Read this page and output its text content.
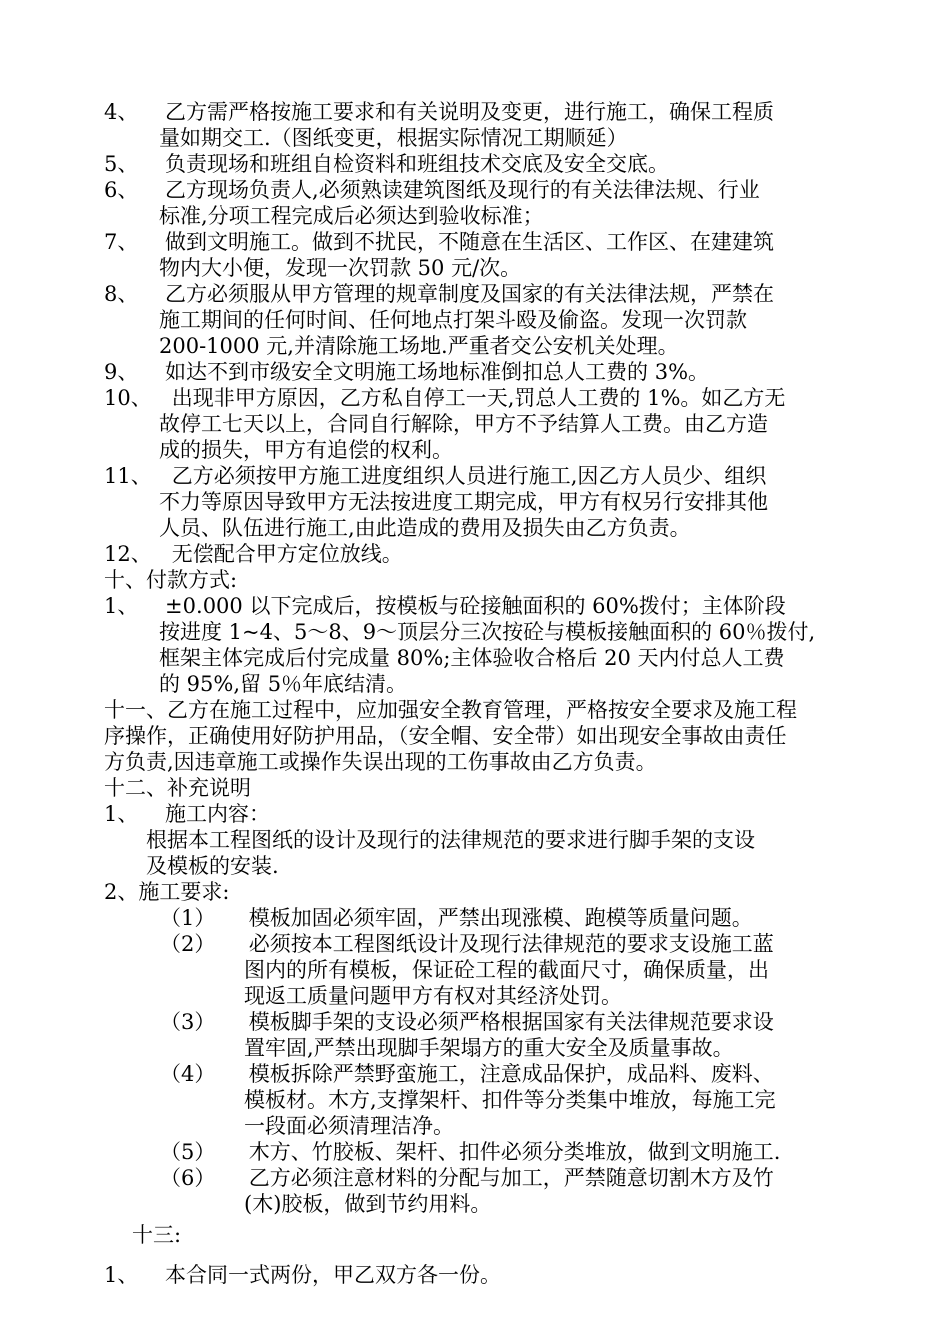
4、    乙方需严格按施工要求和有关说明及变更，进行施工，确保工程质
量如期交工.（图纸变更，根据实际情况工期顺延）
5、    负责现场和班组自检资料和班组技术交底及安全交底。
6、    乙方现场负责人,必须熟读建筑图纸及现行的有关法律法规、行业
标准,分项工程完成后必须达到验收标准；
7、    做到文明施工。做到不扰民，不随意在生活区、工作区、在建建筑
物内大小便，发现一次罚款 50 元/次。
8、    乙方必须服从甲方管理的规章制度及国家的有关法律法规，严禁在
施工期间的任何时间、任何地点打架斗殴及偷盗。发现一次罚款
200-1000 元,并清除施工场地.严重者交公安机关处理。
9、    如达不到市级安全文明施工场地标准倒扣总人工费的 3%。
10、   出现非甲方原因，乙方私自停工一天,罚总人工费的 1%。如乙方无
故停工七天以上，合同自行解除，甲方不予结算人工费。由乙方造
成的损失，甲方有追偿的权利。
11、   乙方必须按甲方施工进度组织人员进行施工,因乙方人员少、组织
不力等原因导致甲方无法按进度工期完成，甲方有权另行安排其他
人员、队伍进行施工,由此造成的费用及损失由乙方负责。
12、   无偿配合甲方定位放线。
十、付款方式:
1、    ±0.000 以下完成后，按模板与砼接触面积的 60%拨付；主体阶段
按进度 1~4、5～8、9～顶层分三次按砼与模板接触面积的 60％拨付,
框架主体完成后付完成量 80%;主体验收合格后 20 天内付总人工费
的 95%,留 5％年底结清。
十一、乙方在施工过程中，应加强安全教育管理，严格按安全要求及施工程
序操作，正确使用好防护用品，（安全帽、安全带）如出现安全事故由责任
方负责,因违章施工或操作失误出现的工伤事故由乙方负责。
十二、补充说明
1、    施工内容：
根据本工程图纸的设计及现行的法律规范的要求进行脚手架的支设
及模板的安装.
2、施工要求:
（1）     模板加固必须牢固，严禁出现涨模、跑模等质量问题。
（2）     必须按本工程图纸设计及现行法律规范的要求支设施工蓝
图内的所有模板，保证砼工程的截面尺寸，确保质量，出
现返工质量问题甲方有权对其经济处罚。
（3）     模板脚手架的支设必须严格根据国家有关法律规范要求设
置牢固,严禁出现脚手架塌方的重大安全及质量事故。
（4）     模板拆除严禁野蛮施工，注意成品保护，成品料、废料、
模板材。木方,支撑架杆、扣件等分类集中堆放，每施工完
一段面必须清理洁净。
（5）     木方、竹胶板、架杆、扣件必须分类堆放，做到文明施工.
（6）     乙方必须注意材料的分配与加工，严禁随意切割木方及竹
(木)胶板，做到节约用料。
十三:
1、    本合同一式两份，甲乙双方各一份。
